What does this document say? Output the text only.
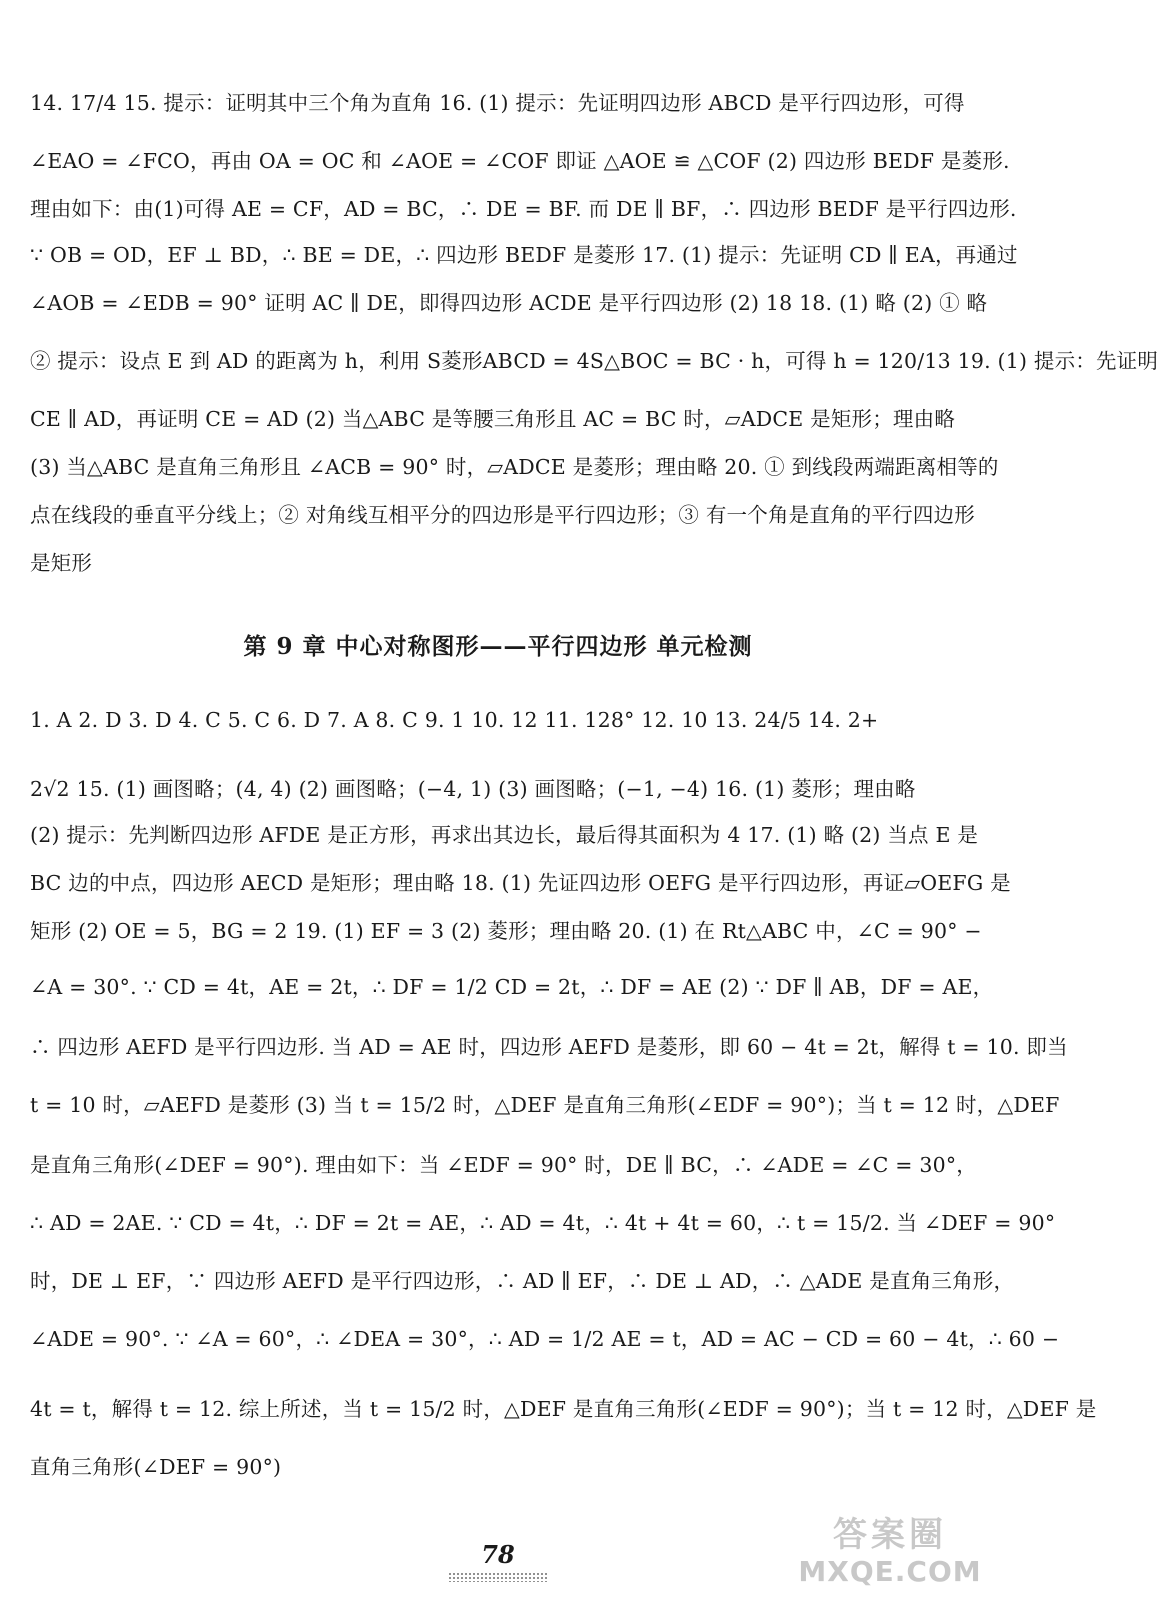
14. 17/4 15. 提示：证明其中三个角为直角 16. (1) 提示：先证明四边形 ABCD 是平行四边形，可得
∠EAO = ∠FCO，再由 OA = OC 和 ∠AOE = ∠COF 即证 △AOE ≌ △COF (2) 四边形 BEDF 是菱形.
理由如下：由(1)可得 AE = CF，AD = BC，∴ DE = BF. 而 DE ∥ BF，∴ 四边形 BEDF 是平行四边形.
∵ OB = OD，EF ⊥ BD，∴ BE = DE，∴ 四边形 BEDF 是菱形 17. (1) 提示：先证明 CD ∥ EA，再通过
∠AOB = ∠EDB = 90° 证明 AC ∥ DE，即得四边形 ACDE 是平行四边形 (2) 18 18. (1) 略 (2) ① 略
② 提示：设点 E 到 AD 的距离为 h，利用 S菱形ABCD = 4S△BOC = BC · h，可得 h = 120/13 19. (1) 提示：先证明
CE ∥ AD，再证明 CE = AD (2) 当△ABC 是等腰三角形且 AC = BC 时，▱ADCE 是矩形；理由略
(3) 当△ABC 是直角三角形且 ∠ACB = 90° 时，▱ADCE 是菱形；理由略 20. ① 到线段两端距离相等的
点在线段的垂直平分线上；② 对角线互相平分的四边形是平行四边形；③ 有一个角是直角的平行四边形
是矩形
第 9 章 中心对称图形——平行四边形 单元检测
1. A 2. D 3. D 4. C 5. C 6. D 7. A 8. C 9. 1 10. 12 11. 128° 12. 10 13. 24/5 14. 2+
2√2 15. (1) 画图略；(4, 4) (2) 画图略；(−4, 1) (3) 画图略；(−1, −4) 16. (1) 菱形；理由略
(2) 提示：先判断四边形 AFDE 是正方形，再求出其边长，最后得其面积为 4 17. (1) 略 (2) 当点 E 是
BC 边的中点，四边形 AECD 是矩形；理由略 18. (1) 先证四边形 OEFG 是平行四边形，再证▱OEFG 是
矩形 (2) OE = 5，BG = 2 19. (1) EF = 3 (2) 菱形；理由略 20. (1) 在 Rt△ABC 中，∠C = 90° −
∠A = 30°. ∵ CD = 4t，AE = 2t，∴ DF = 1/2 CD = 2t，∴ DF = AE (2) ∵ DF ∥ AB，DF = AE，
∴ 四边形 AEFD 是平行四边形. 当 AD = AE 时，四边形 AEFD 是菱形，即 60 − 4t = 2t，解得 t = 10. 即当
t = 10 时，▱AEFD 是菱形 (3) 当 t = 15/2 时，△DEF 是直角三角形(∠EDF = 90°)；当 t = 12 时，△DEF
是直角三角形(∠DEF = 90°). 理由如下：当 ∠EDF = 90° 时，DE ∥ BC，∴ ∠ADE = ∠C = 30°，
∴ AD = 2AE. ∵ CD = 4t，∴ DF = 2t = AE，∴ AD = 4t，∴ 4t + 4t = 60，∴ t = 15/2. 当 ∠DEF = 90°
时，DE ⊥ EF，∵ 四边形 AEFD 是平行四边形，∴ AD ∥ EF，∴ DE ⊥ AD，∴ △ADE 是直角三角形，
∠ADE = 90°. ∵ ∠A = 60°，∴ ∠DEA = 30°，∴ AD = 1/2 AE = t，AD = AC − CD = 60 − 4t，∴ 60 −
4t = t，解得 t = 12. 综上所述，当 t = 15/2 时，△DEF 是直角三角形(∠EDF = 90°)；当 t = 12 时，△DEF 是
直角三角形(∠DEF = 90°)
78	答案圈
MXQE.COM
